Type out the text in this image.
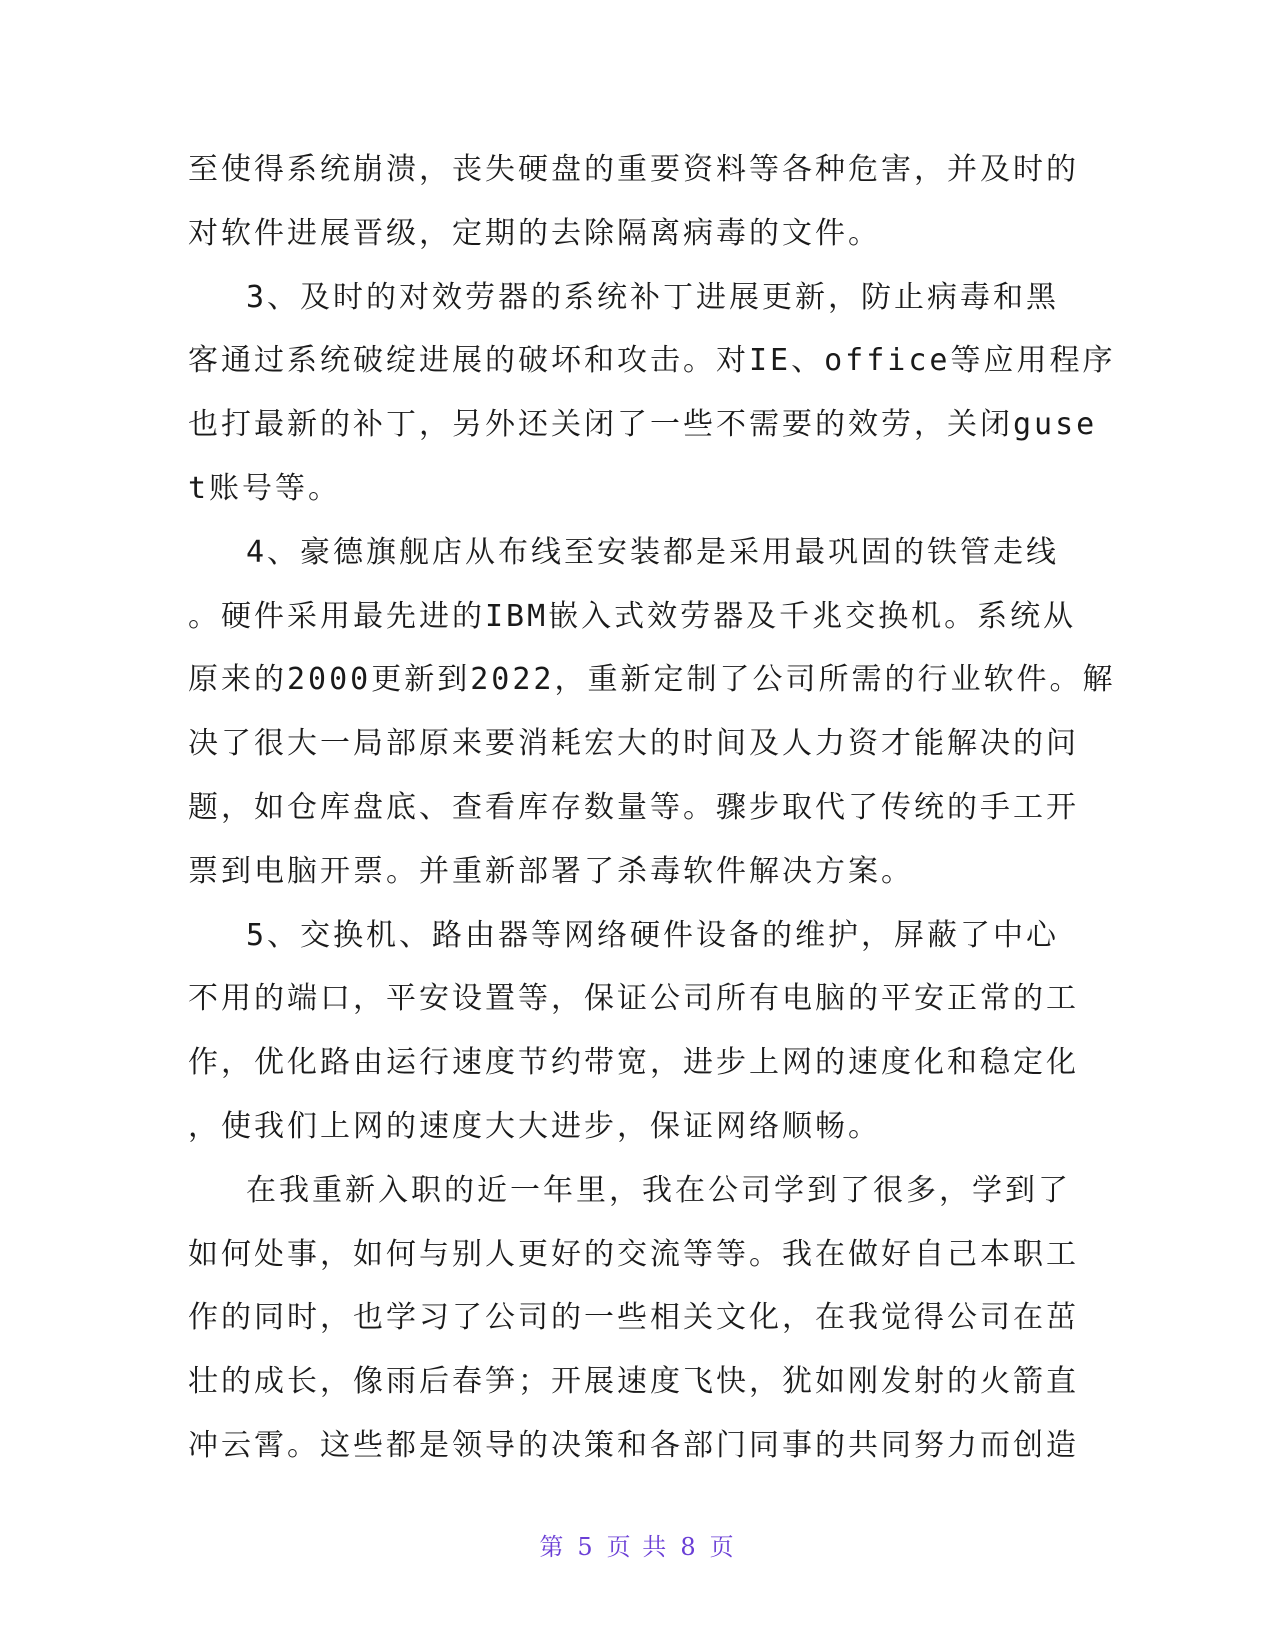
至使得系统崩溃，丧失硬盘的重要资料等各种危害，并及时的
对软件进展晋级，定期的去除隔离病毒的文件。
3、及时的对效劳器的系统补丁进展更新，防止病毒和黑
客通过系统破绽进展的破坏和攻击。对IE、office等应用程序
也打最新的补丁，另外还关闭了一些不需要的效劳，关闭guse
t账号等。
4、豪德旗舰店从布线至安装都是采用最巩固的铁管走线
。硬件采用最先进的IBM嵌入式效劳器及千兆交换机。系统从
原来的2000更新到2022，重新定制了公司所需的行业软件。解
决了很大一局部原来要消耗宏大的时间及人力资才能解决的问
题，如仓库盘底、查看库存数量等。骤步取代了传统的手工开
票到电脑开票。并重新部署了杀毒软件解决方案。
5、交换机、路由器等网络硬件设备的维护，屏蔽了中心
不用的端口，平安设置等，保证公司所有电脑的平安正常的工
作，优化路由运行速度节约带宽，进步上网的速度化和稳定化
，使我们上网的速度大大进步，保证网络顺畅。
在我重新入职的近一年里，我在公司学到了很多，学到了
如何处事，如何与别人更好的交流等等。我在做好自己本职工
作的同时，也学习了公司的一些相关文化，在我觉得公司在茁
壮的成长，像雨后春笋；开展速度飞快，犹如刚发射的火箭直
冲云霄。这些都是领导的决策和各部门同事的共同努力而创造
第 5 页 共 8 页
